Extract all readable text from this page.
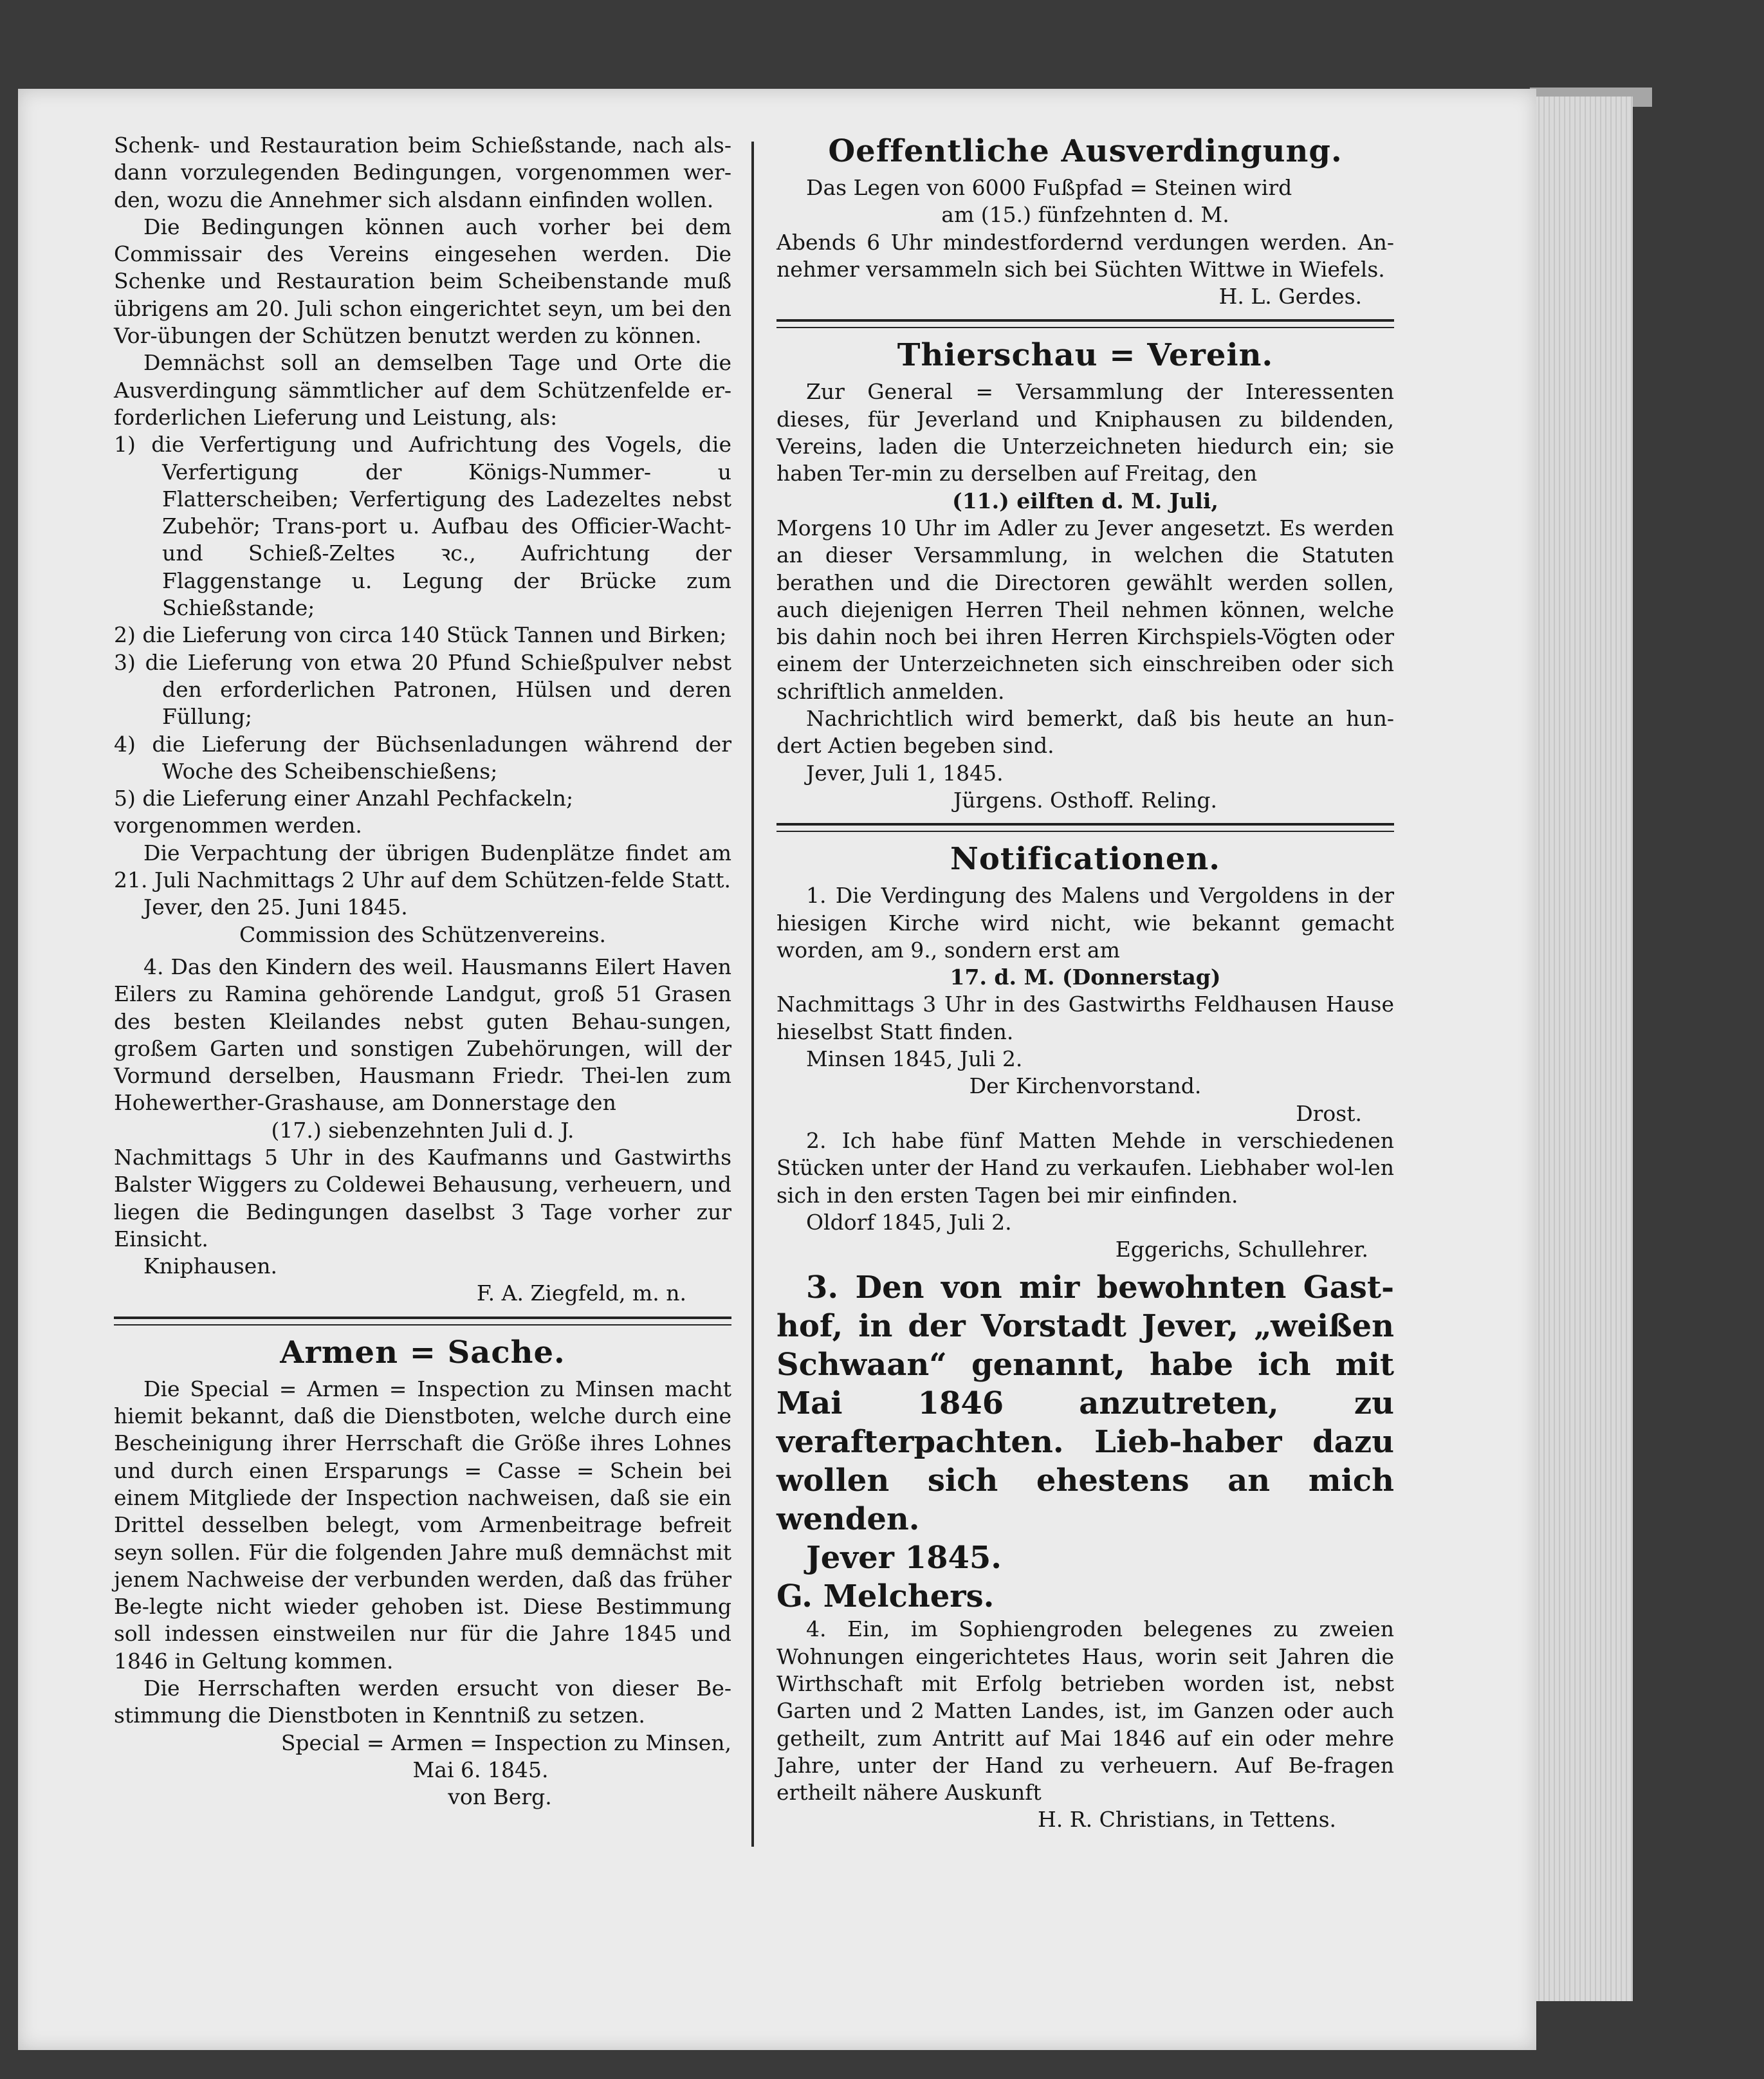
Schenk- und Restauration beim Schießstande, nach als-dann vorzulegenden Bedingungen, vorgenommen wer-den, wozu die Annehmer sich alsdann einfinden wollen.

Die Bedingungen können auch vorher bei dem Commissair des Vereins eingesehen werden. Die Schenke und Restauration beim Scheibenstande muß übrigens am 20. Juli schon eingerichtet seyn, um bei den Vor-übungen der Schützen benutzt werden zu können.

Demnächst soll an demselben Tage und Orte die Ausverdingung sämmtlicher auf dem Schützenfelde er-forderlichen Lieferung und Leistung, als:

1) die Verfertigung und Aufrichtung des Vogels, die Verfertigung der Königs-Nummer- u Flatterscheiben; Verfertigung des Ladezeltes nebst Zubehör; Trans-port u. Aufbau des Officier-Wacht- und Schieß-Zeltes ꝛc., Aufrichtung der Flaggenstange u. Legung der Brücke zum Schießstande;

2) die Lieferung von circa 140 Stück Tannen und Birken;

3) die Lieferung von etwa 20 Pfund Schießpulver nebst den erforderlichen Patronen, Hülsen und deren Füllung;

4) die Lieferung der Büchsenladungen während der Woche des Scheibenschießens;

5) die Lieferung einer Anzahl Pechfackeln;

vorgenommen werden.

Die Verpachtung der übrigen Budenplätze findet am 21. Juli Nachmittags 2 Uhr auf dem Schützen-felde Statt.

Jever, den 25. Juni 1845.

Commission des Schützenvereins.

4. Das den Kindern des weil. Hausmanns Eilert Haven Eilers zu Ramina gehörende Landgut, groß 51 Grasen des besten Kleilandes nebst guten Behau-sungen, großem Garten und sonstigen Zubehörungen, will der Vormund derselben, Hausmann Friedr. Thei-len zum Hohewerther-Grashause, am Donnerstage den

(17.) siebenzehnten Juli d. J.

Nachmittags 5 Uhr in des Kaufmanns und Gastwirths Balster Wiggers zu Coldewei Behausung, verheuern, und liegen die Bedingungen daselbst 3 Tage vorher zur Einsicht.

Kniphausen.

F. A. Ziegfeld, m. n.

Armen = Sache.

Die Special = Armen = Inspection zu Minsen macht hiemit bekannt, daß die Dienstboten, welche durch eine Bescheinigung ihrer Herrschaft die Größe ihres Lohnes und durch einen Ersparungs = Casse = Schein bei einem Mitgliede der Inspection nachweisen, daß sie ein Drittel desselben belegt, vom Armenbeitrage befreit seyn sollen. Für die folgenden Jahre muß demnächst mit jenem Nachweise der verbunden werden, daß das früher Be-legte nicht wieder gehoben ist. Diese Bestimmung soll indessen einstweilen nur für die Jahre 1845 und 1846 in Geltung kommen.

Die Herrschaften werden ersucht von dieser Be-stimmung die Dienstboten in Kenntniß zu setzen.

Special = Armen = Inspection zu Minsen,

Mai 6. 1845.

von Berg.

Oeffentliche Ausverdingung.

Das Legen von 6000 Fußpfad = Steinen wird

am (15.) fünfzehnten d. M.

Abends 6 Uhr mindestfordernd verdungen werden. An-nehmer versammeln sich bei Süchten Wittwe in Wiefels.

H. L. Gerdes.

Thierschau = Verein.

Zur General = Versammlung der Interessenten dieses, für Jeverland und Kniphausen zu bildenden, Vereins, laden die Unterzeichneten hiedurch ein; sie haben Ter-min zu derselben auf Freitag, den

(11.) eilften d. M. Juli,

Morgens 10 Uhr im Adler zu Jever angesetzt. Es werden an dieser Versammlung, in welchen die Statuten berathen und die Directoren gewählt werden sollen, auch diejenigen Herren Theil nehmen können, welche bis dahin noch bei ihren Herren Kirchspiels-Vögten oder einem der Unterzeichneten sich einschreiben oder sich schriftlich anmelden.

Nachrichtlich wird bemerkt, daß bis heute an hun-dert Actien begeben sind.

Jever, Juli 1, 1845.

Jürgens. Osthoff. Reling.

Notificationen.

1. Die Verdingung des Malens und Vergoldens in der hiesigen Kirche wird nicht, wie bekannt gemacht worden, am 9., sondern erst am

17. d. M. (Donnerstag)

Nachmittags 3 Uhr in des Gastwirths Feldhausen Hause hieselbst Statt finden.

Minsen 1845, Juli 2.

Der Kirchenvorstand.

Drost.

2. Ich habe fünf Matten Mehde in verschiedenen Stücken unter der Hand zu verkaufen. Liebhaber wol-len sich in den ersten Tagen bei mir einfinden.

Oldorf 1845, Juli 2.

Eggerichs, Schullehrer.

3. Den von mir bewohnten Gast-hof, in der Vorstadt Jever, „weißen Schwaan“ genannt, habe ich mit Mai 1846 anzutreten, zu verafterpachten. Lieb-haber dazu wollen sich ehestens an mich wenden.

Jever 1845.

G. Melchers.

4. Ein, im Sophiengroden belegenes zu zweien Wohnungen eingerichtetes Haus, worin seit Jahren die Wirthschaft mit Erfolg betrieben worden ist, nebst Garten und 2 Matten Landes, ist, im Ganzen oder auch getheilt, zum Antritt auf Mai 1846 auf ein oder mehre Jahre, unter der Hand zu verheuern. Auf Be-fragen ertheilt nähere Auskunft

H. R. Christians, in Tettens.
